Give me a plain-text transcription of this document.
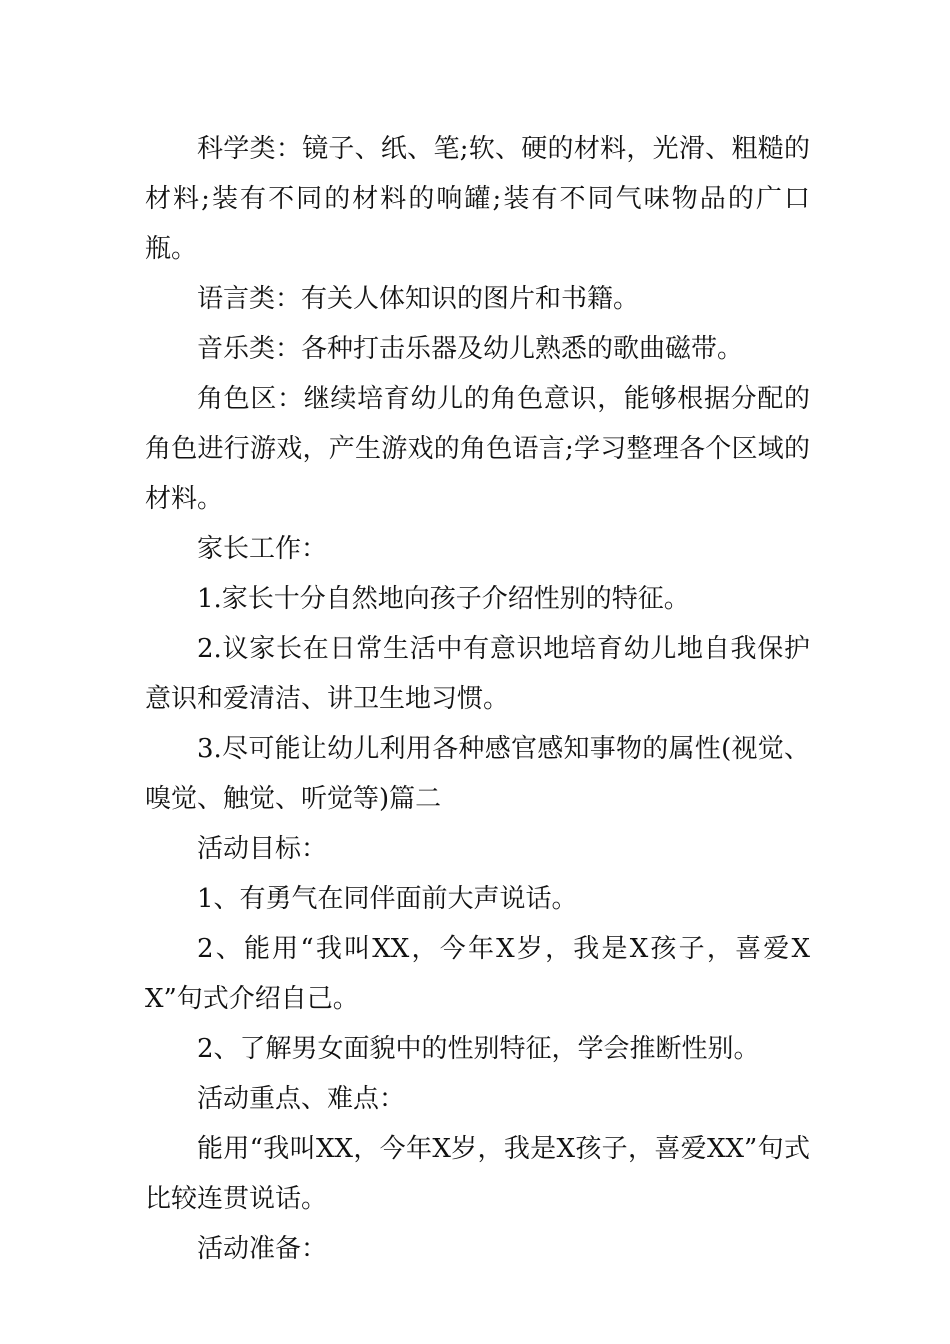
科学类：镜子、纸、笔;软、硬的材料，光滑、粗糙的材料;装有不同的材料的响罐;装有不同气味物品的广口瓶。

语言类：有关人体知识的图片和书籍。

音乐类：各种打击乐器及幼儿熟悉的歌曲磁带。

角色区：继续培育幼儿的角色意识，能够根据分配的角色进行游戏，产生游戏的角色语言;学习整理各个区域的材料。

家长工作：

1.家长十分自然地向孩子介绍性别的特征。

2.议家长在日常生活中有意识地培育幼儿地自我保护意识和爱清洁、讲卫生地习惯。

3.尽可能让幼儿利用各种感官感知事物的属性(视觉、嗅觉、触觉、听觉等)篇二

活动目标：

1、有勇气在同伴面前大声说话。

2、能用“我叫XX，今年X岁，我是X孩子，喜爱XX”句式介绍自己。

2、了解男女面貌中的性别特征，学会推断性别。

活动重点、难点：

能用“我叫XX，今年X岁，我是X孩子，喜爱XX”句式比较连贯说话。

活动准备：
